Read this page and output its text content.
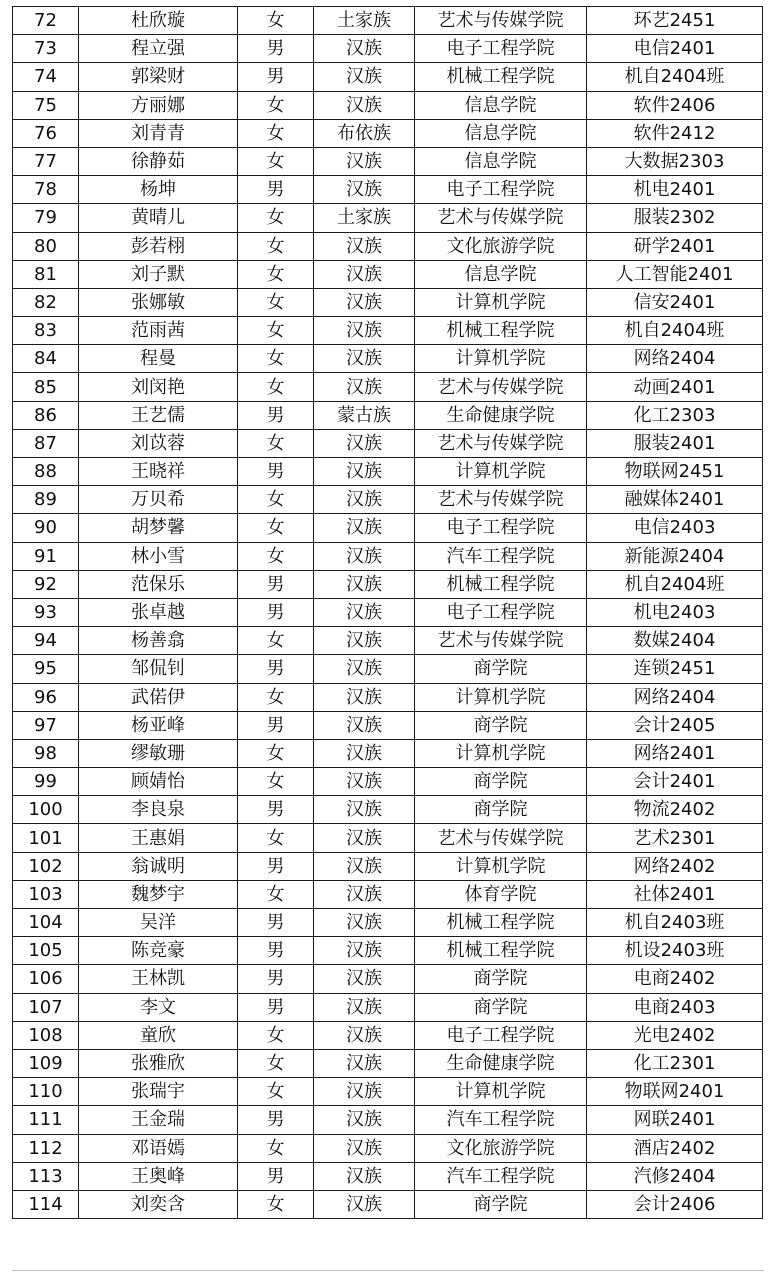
72	杜欣璇	女	土家族	艺术与传媒学院	环艺2451
73	程立强	男	汉族	电子工程学院	电信2401
74	郭梁财	男	汉族	机械工程学院	机自2404班
75	方丽娜	女	汉族	信息学院	软件2406
76	刘青青	女	布依族	信息学院	软件2412
77	徐静茹	女	汉族	信息学院	大数据2303
78	杨坤	男	汉族	电子工程学院	机电2401
79	黄晴儿	女	土家族	艺术与传媒学院	服装2302
80	彭若栩	女	汉族	文化旅游学院	研学2401
81	刘子默	女	汉族	信息学院	人工智能2401
82	张娜敏	女	汉族	计算机学院	信安2401
83	范雨茜	女	汉族	机械工程学院	机自2404班
84	程曼	女	汉族	计算机学院	网络2404
85	刘闵艳	女	汉族	艺术与传媒学院	动画2401
86	王艺儒	男	蒙古族	生命健康学院	化工2303
87	刘苡蓉	女	汉族	艺术与传媒学院	服装2401
88	王晓祥	男	汉族	计算机学院	物联网2451
89	万贝希	女	汉族	艺术与传媒学院	融媒体2401
90	胡梦馨	女	汉族	电子工程学院	电信2403
91	林小雪	女	汉族	汽车工程学院	新能源2404
92	范保乐	男	汉族	机械工程学院	机自2404班
93	张卓越	男	汉族	电子工程学院	机电2403
94	杨善翕	女	汉族	艺术与传媒学院	数媒2404
95	邹侃钊	男	汉族	商学院	连锁2451
96	武偌伊	女	汉族	计算机学院	网络2404
97	杨亚峰	男	汉族	商学院	会计2405
98	缪敏珊	女	汉族	计算机学院	网络2401
99	顾婧怡	女	汉族	商学院	会计2401
100	李良泉	男	汉族	商学院	物流2402
101	王惠娟	女	汉族	艺术与传媒学院	艺术2301
102	翁诚明	男	汉族	计算机学院	网络2402
103	魏梦宇	女	汉族	体育学院	社体2401
104	吴洋	男	汉族	机械工程学院	机自2403班
105	陈竞豪	男	汉族	机械工程学院	机设2403班
106	王林凯	男	汉族	商学院	电商2402
107	李文	男	汉族	商学院	电商2403
108	童欣	女	汉族	电子工程学院	光电2402
109	张雅欣	女	汉族	生命健康学院	化工2301
110	张瑞宇	女	汉族	计算机学院	物联网2401
111	王金瑞	男	汉族	汽车工程学院	网联2401
112	邓语嫣	女	汉族	文化旅游学院	酒店2402
113	王奥峰	男	汉族	汽车工程学院	汽修2404
114	刘奕含	女	汉族	商学院	会计2406
